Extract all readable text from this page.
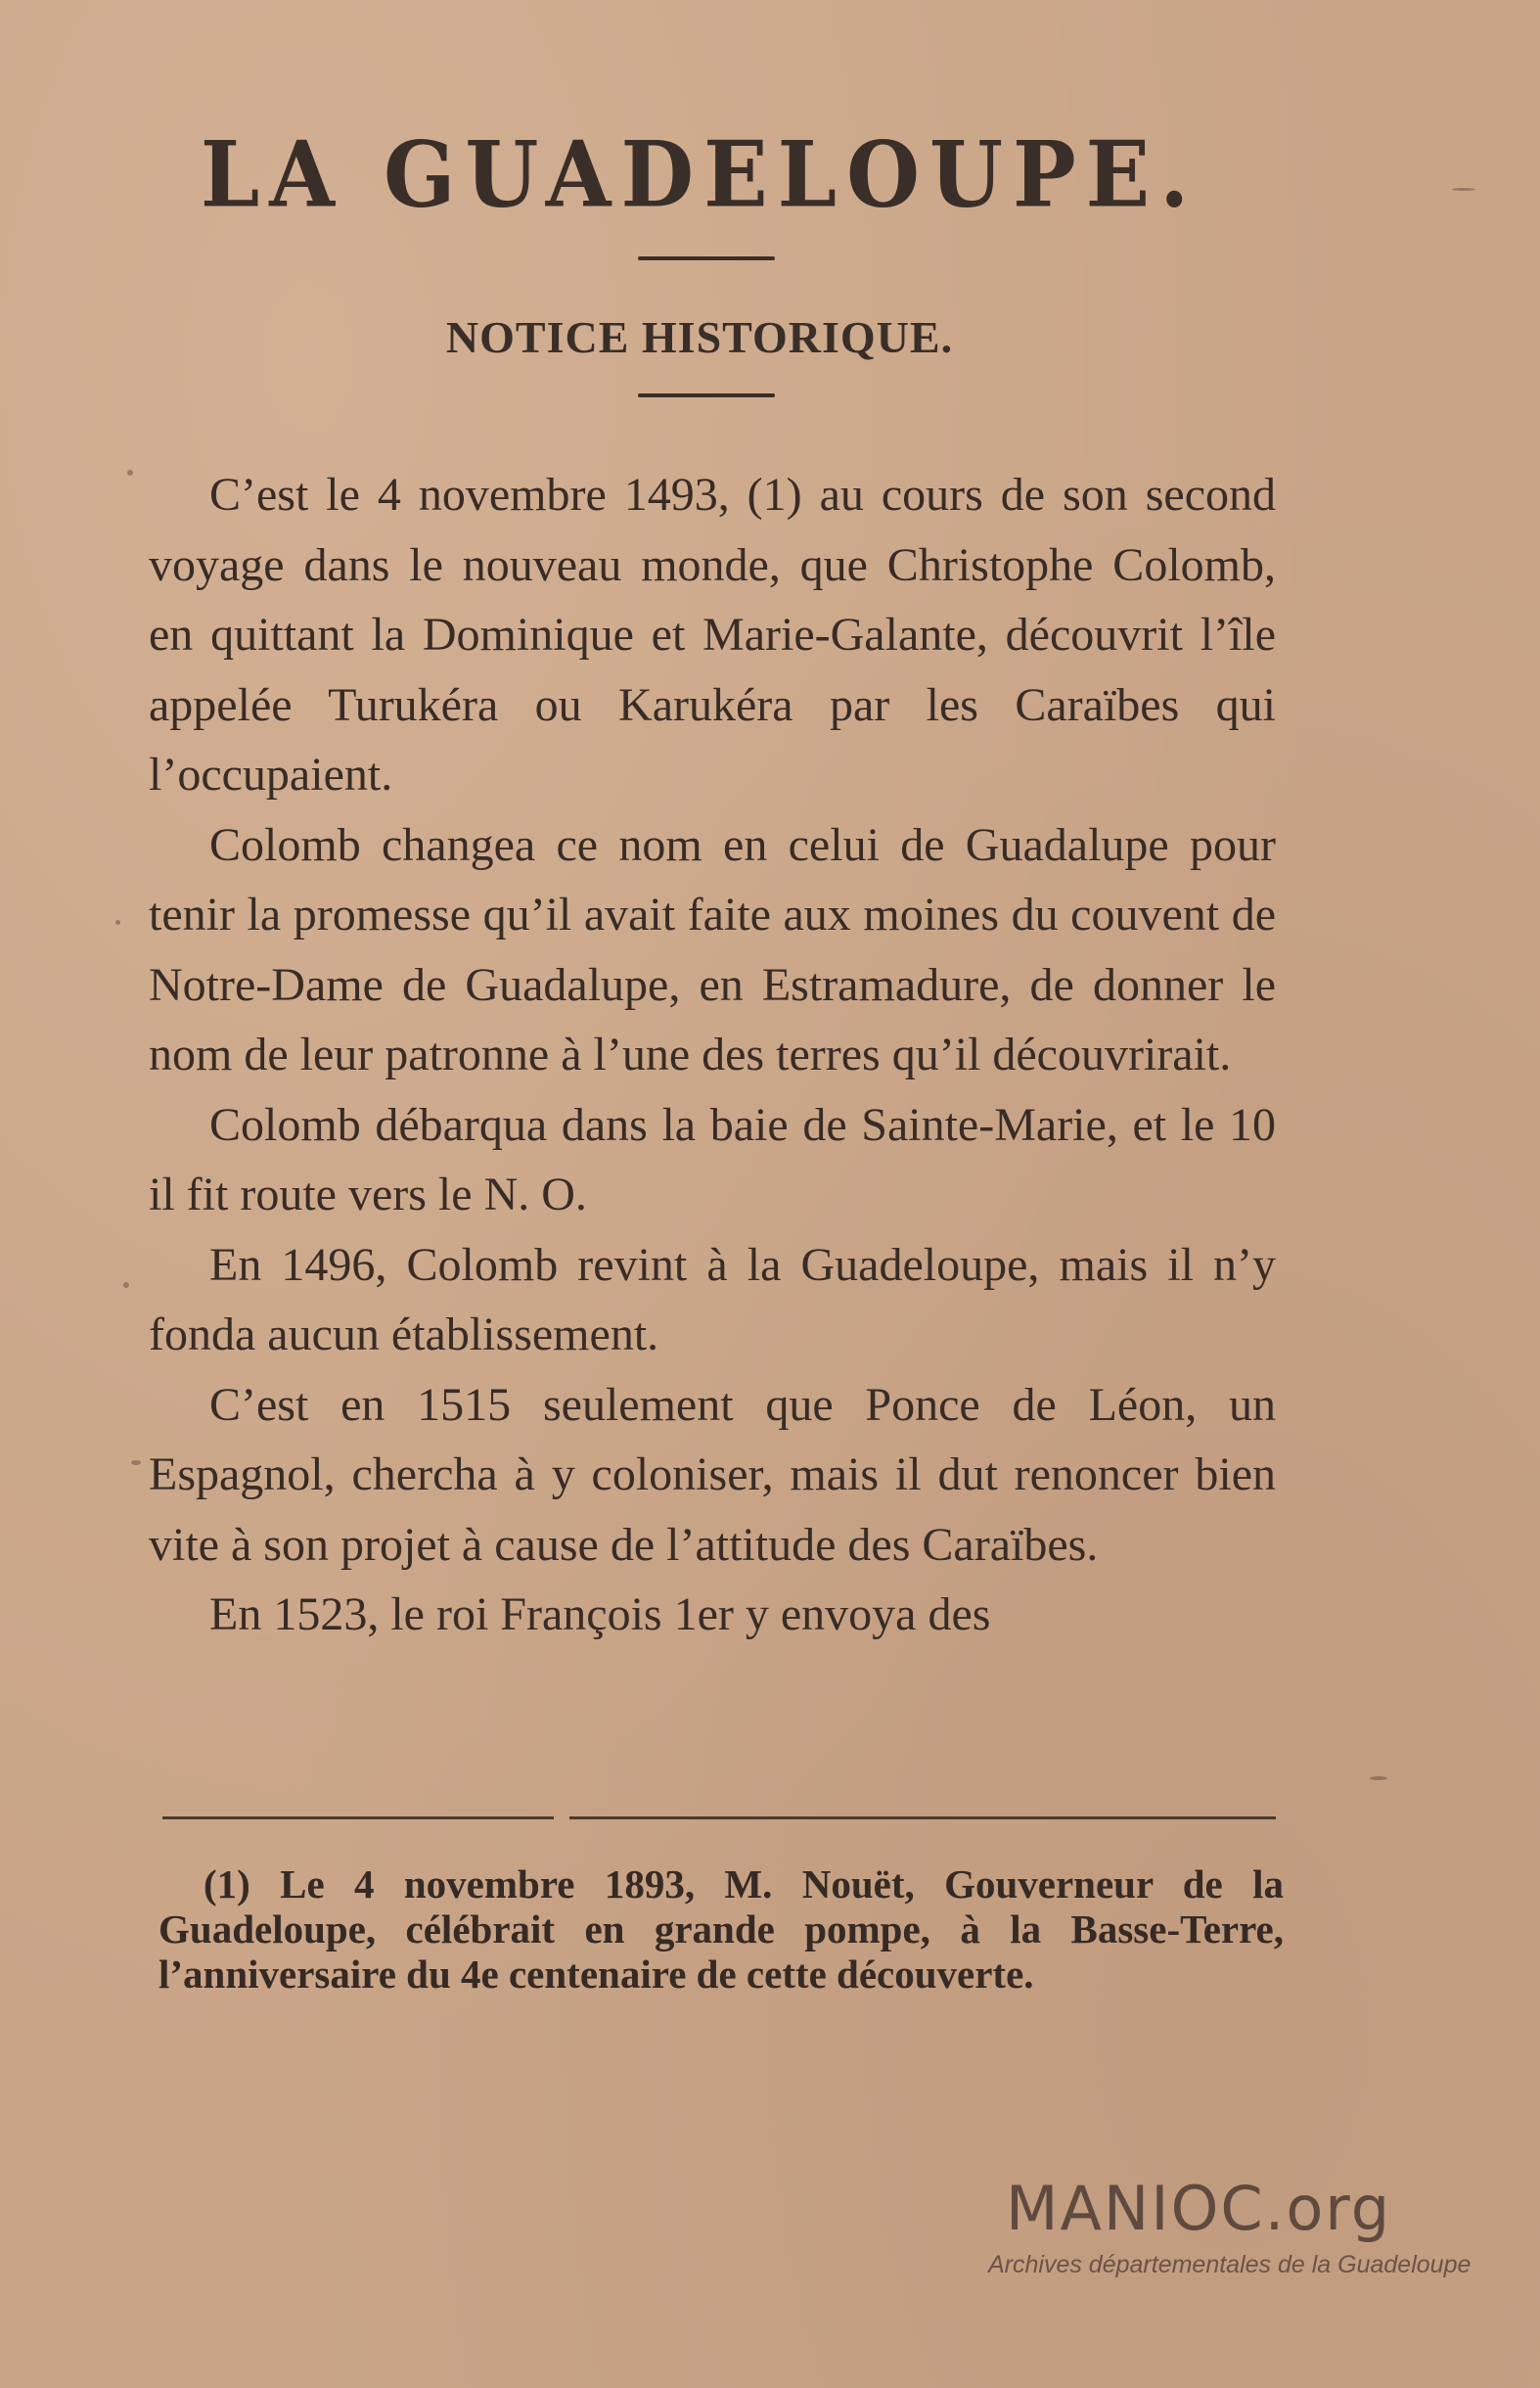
LA GUADELOUPE.
NOTICE HISTORIQUE.

C’est le 4 novembre 1493, (1) au cours de son second voyage dans le nouveau monde, que Christophe Colomb, en quittant la Dominique et Marie-Galante, découvrit l’île appelée Turukéra ou Karukéra par les Caraïbes qui l’occupaient.

Colomb changea ce nom en celui de Guadalupe pour tenir la promesse qu’il avait faite aux moines du couvent de Notre-Dame de Guadalupe, en Estramadure, de donner le nom de leur patronne à l’une des terres qu’il découvrirait.

Colomb débarqua dans la baie de Sainte-Marie, et le 10 il fit route vers le N. O.

En 1496, Colomb revint à la Guadeloupe, mais il n’y fonda aucun établissement.

C’est en 1515 seulement que Ponce de Léon, un Espagnol, chercha à y coloniser, mais il dut renoncer bien vite à son projet à cause de l’attitude des Caraïbes.

En 1523, le roi François 1er y envoya des

(1) Le 4 novembre 1893, M. Nouët, Gouverneur de la Guadeloupe, célébrait en grande pompe, à la Basse-Terre, l’anniversaire du 4e centenaire de cette découverte.

MANIOC.org
Archives départementales de la Guadeloupe
